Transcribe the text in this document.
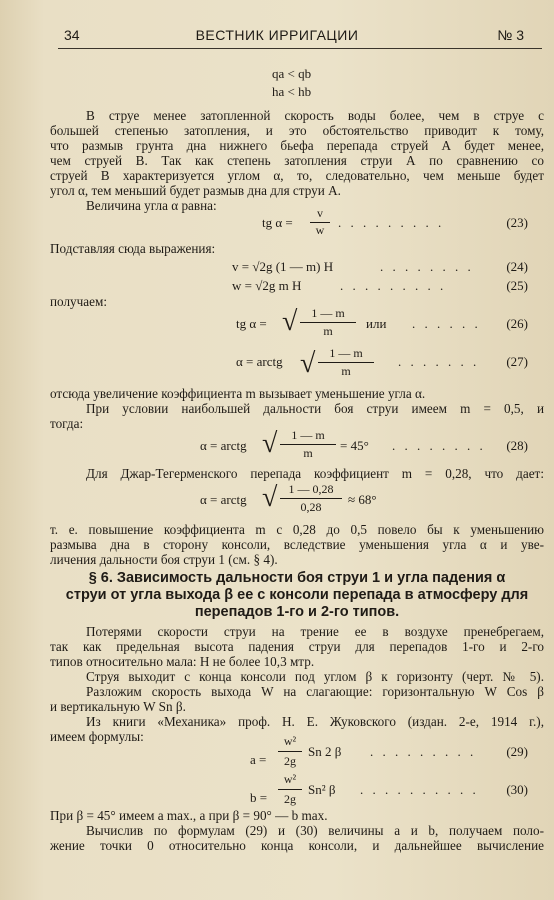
34	ВЕСТНИК ИРРИГАЦИИ	№ 3
qa < qb
ha < hb
В струе менее затопленной скорость воды более, чем в струе с
большей степенью затопления, и это обстоятельство приводит к тому,
что размыв грунта дна нижнего бьефа перепада струей А будет менее,
чем струей В. Так как степень затопления струи А по сравнению со
струей В характеризуется углом α, то, следовательно, чем меньше будет
угол α, тем меньший будет размыв дна для струи А.
Величина угла α равна:
tg α =
v
w	. . . . . . . . .	(23)
Подставляя сюда выражения:
v = √2g (1 — m) H	. . . . . . . .	(24)
w = √2g m H	. . . . . . . . .	(25)
получаем:
tg α = √	1 — m
m	или . . . . . . (26)
α = arctg √	1 — m
m
. . . . . . . (27)
отсюда увеличение коэффициента m вызывает уменьшение угла α.
При условии наибольшей дальности боя струи имеем m = 0,5, и
тогда:
α = arctg √	1 — m
m	= 45° . . . . . . . . (28)
Для Джар-Тегерменского перепада коэффициент m = 0,28, что дает:
α = arctg √ 1 — 0,28
0,28	≈ 68°
т. е. повышение коэффициента m с 0,28 до 0,5 повело бы к уменьшению
размыва дна в сторону консоли, вследствие уменьшения угла α и уве-
личения дальности боя струи 1 (см. § 4).
§ 6. Зависимость дальности боя струи 1 и угла падения α
струи от угла выхода β ее с консоли перепада в атмосферу для
перепадов 1-го и 2-го типов.
Потерями скорости струи на трение ее в воздухе пренебрегаем,
так как предельная высота падения струи для перепадов 1-го и 2-го
типов относительно мала: Н не более 10,3 мтр.
Струя выходит с конца консоли под углом β к горизонту (черт. № 5).
Разложим скорость выхода W на слагающие: горизонтальную W Cos β
и вертикальную W Sn β.
Из книги «Механика» проф. Н. Е. Жуковского (издан. 2-е, 1914 г.),
имеем формулы:
a =
w²
2g
Sn 2 β . . . . . . . . . (29)
b =
w²
2g
Sn² β . . . . . . . . . . (30)
При β = 45° имеем a max., а при β = 90° — b max.
Вычислив по формулам (29) и (30) величины a и b, получаем поло-
жение точки 0 относительно конца консоли, и дальнейшее вычисление
